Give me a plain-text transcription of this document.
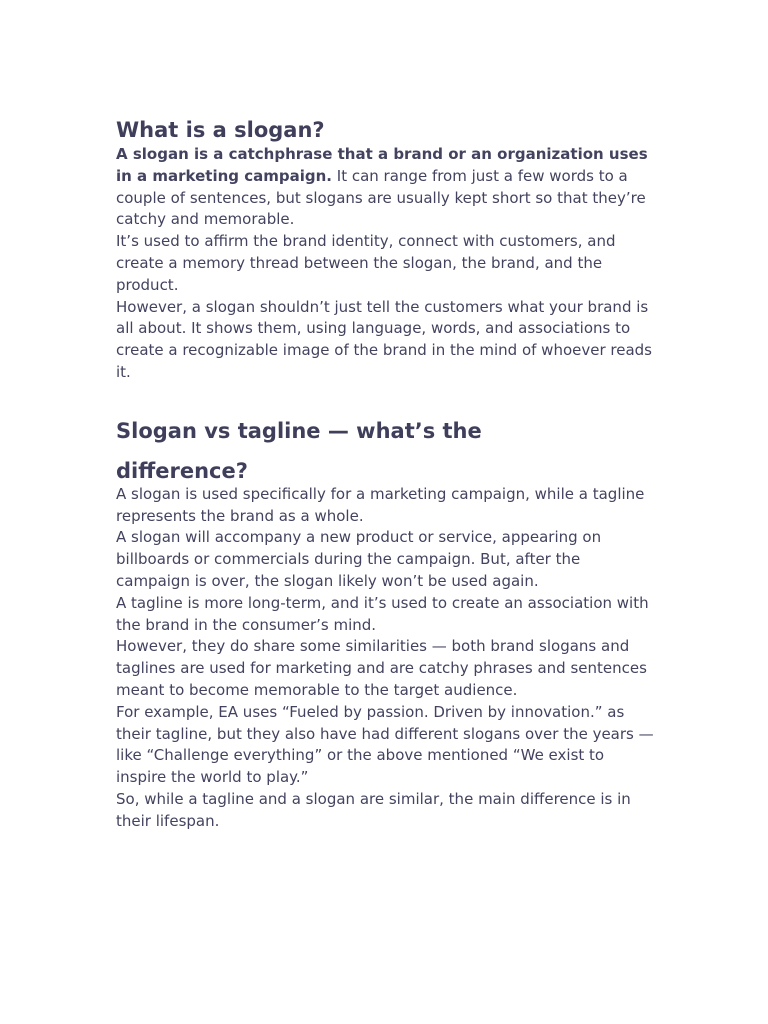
What is a slogan?

A slogan is a catchphrase that a brand or an organization uses in a marketing campaign. It can range from just a few words to a couple of sentences, but slogans are usually kept short so that they’re catchy and memorable.

It’s used to affirm the brand identity, connect with customers, and create a memory thread between the slogan, the brand, and the product.

However, a slogan shouldn’t just tell the customers what your brand is all about. It shows them, using language, words, and associations to create a recognizable image of the brand in the mind of whoever reads it.

Slogan vs tagline — what’s the
difference?

A slogan is used specifically for a marketing campaign, while a tagline represents the brand as a whole.

A slogan will accompany a new product or service, appearing on billboards or commercials during the campaign. But, after the campaign is over, the slogan likely won’t be used again.

A tagline is more long-term, and it’s used to create an association with the brand in the consumer’s mind.

However, they do share some similarities — both brand slogans and taglines are used for marketing and are catchy phrases and sentences meant to become memorable to the target audience.

For example, EA uses “Fueled by passion. Driven by innovation.” as their tagline, but they also have had different slogans over the years — like “Challenge everything” or the above mentioned “We exist to inspire the world to play.”

So, while a tagline and a slogan are similar, the main difference is in their lifespan.
